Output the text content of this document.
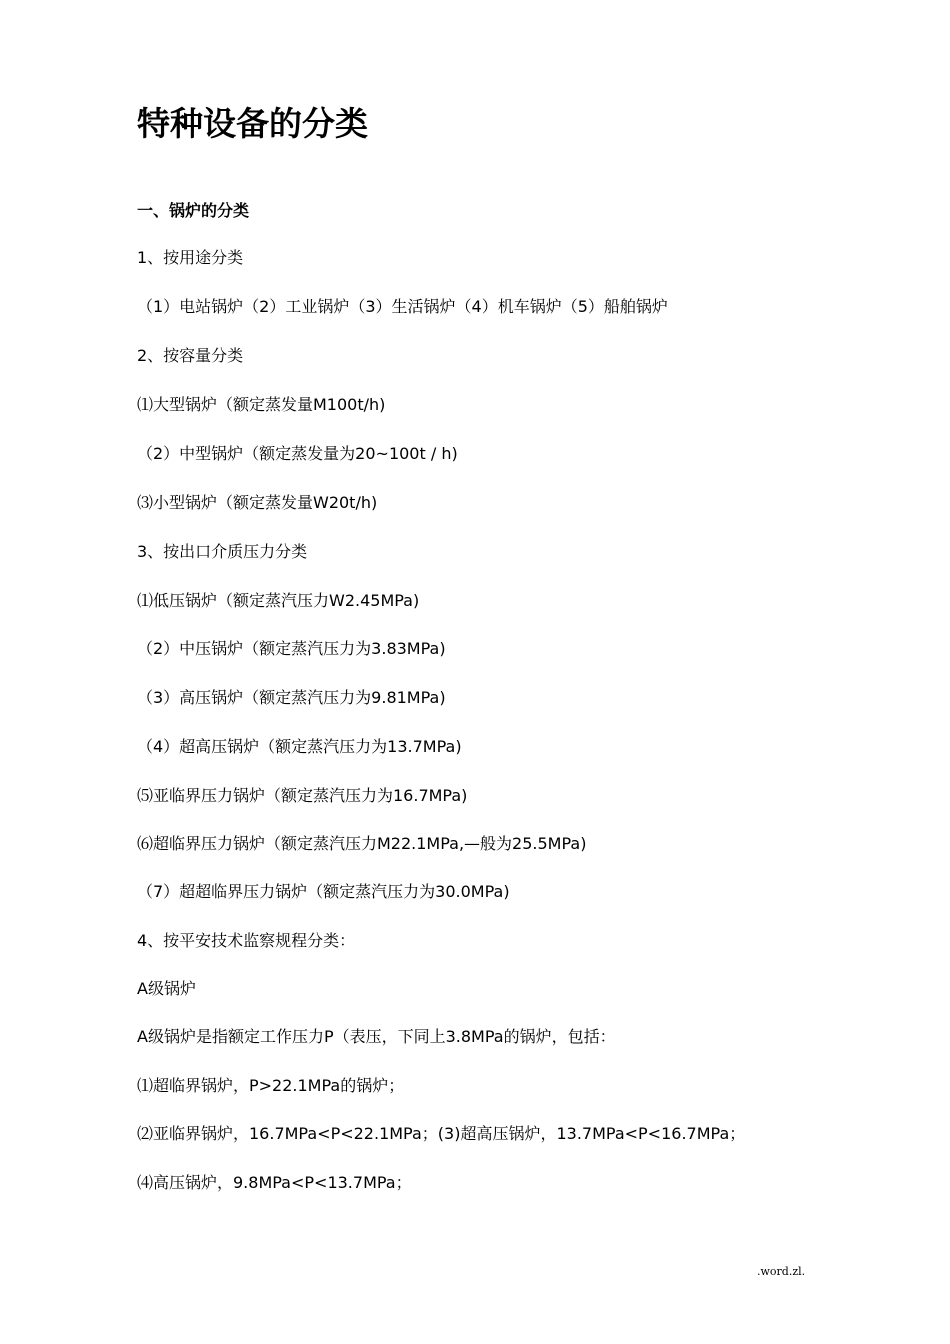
特种设备的分类

一、锅炉的分类

1、按用途分类

（1）电站锅炉（2）工业锅炉（3）生活锅炉（4）机车锅炉（5）船舶锅炉

2、按容量分类

⑴大型锅炉（额定蒸发量M100t/h)

（2）中型锅炉（额定蒸发量为20~100t / h)

⑶小型锅炉（额定蒸发量W20t/h)

3、按出口介质压力分类

⑴低压锅炉（额定蒸汽压力W2.45MPa)

（2）中压锅炉（额定蒸汽压力为3.83MPa)

（3）高压锅炉（额定蒸汽压力为9.81MPa)

（4）超高压锅炉（额定蒸汽压力为13.7MPa)

⑸亚临界压力锅炉（额定蒸汽压力为16.7MPa)

⑹超临界压力锅炉（额定蒸汽压力M22.1MPa,—般为25.5MPa)

（7）超超临界压力锅炉（额定蒸汽压力为30.0MPa)

4、按平安技术监察规程分类：

A级锅炉

A级锅炉是指额定工作压力P（表压，下同上3.8MPa的锅炉，包括：

⑴超临界锅炉，P>22.1MPa的锅炉；

⑵亚临界锅炉，16.7MPa<P<22.1MPa；(3)超高压锅炉，13.7MPa<P<16.7MPa；

⑷高压锅炉，9.8MPa<P<13.7MPa；

.word.zl.
